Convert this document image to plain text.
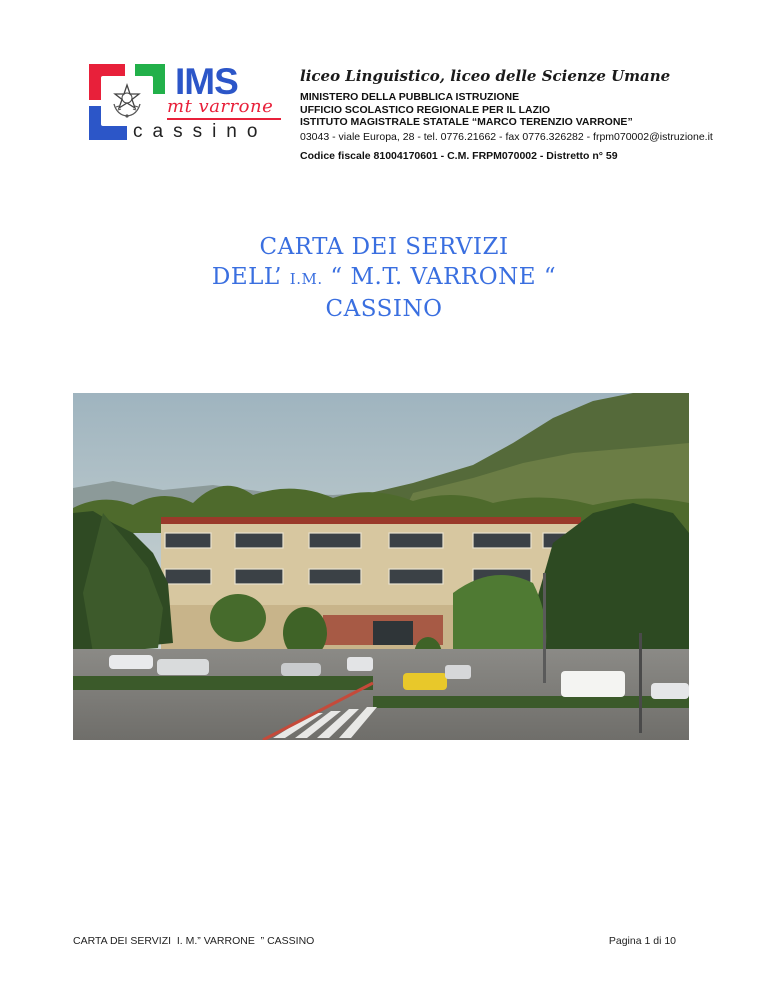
IMS
mt varrone
cassino

liceo Linguistico, liceo delle Scienze Umane

MINISTERO DELLA PUBBLICA ISTRUZIONE

UFFICIO SCOLASTICO REGIONALE PER IL LAZIO

ISTITUTO MAGISTRALE STATALE “MARCO TERENZIO VARRONE”

03043 - viale Europa, 28 - tel. 0776.21662 - fax 0776.326282 - frpm070002@istruzione.it

Codice fiscale 81004170601 - C.M. FRPM070002 - Distretto n° 59
CARTA DEI SERVIZI
DELL’ I.M. “ M.T. VARRONE “
CASSINO
CARTA DEI SERVIZI  I. M.” VARRONE  ” CASSINO	Pagina 1 di 10
